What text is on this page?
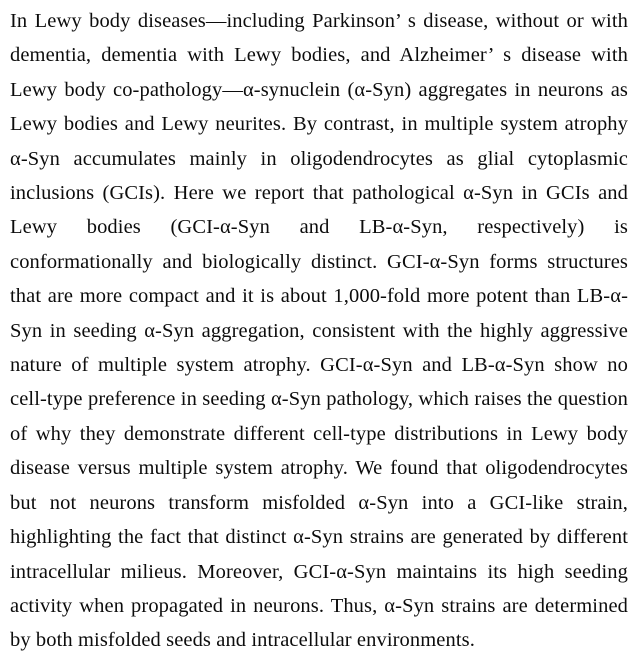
In Lewy body diseases—including Parkinson’ s disease, without or with dementia, dementia with Lewy bodies, and Alzheimer’ s disease with Lewy body co-pathology—α-synuclein (α-Syn) aggregates in neurons as Lewy bodies and Lewy neurites. By contrast, in multiple system atrophy α-Syn accumulates mainly in oligodendrocytes as glial cytoplasmic inclusions (GCIs). Here we report that pathological α-Syn in GCIs and Lewy bodies (GCI-α-Syn and LB-α-Syn, respectively) is conformationally and biologically distinct. GCI-α-Syn forms structures that are more compact and it is about 1,000-fold more potent than LB-α-Syn in seeding α-Syn aggregation, consistent with the highly aggressive nature of multiple system atrophy. GCI-α-Syn and LB-α-Syn show no cell-type preference in seeding α-Syn pathology, which raises the question of why they demonstrate different cell-type distributions in Lewy body disease versus multiple system atrophy. We found that oligodendrocytes but not neurons transform misfolded α-Syn into a GCI-like strain, highlighting the fact that distinct α-Syn strains are generated by different intracellular milieus. Moreover, GCI-α-Syn maintains its high seeding activity when propagated in neurons. Thus, α-Syn strains are determined by both misfolded seeds and intracellular environments.
